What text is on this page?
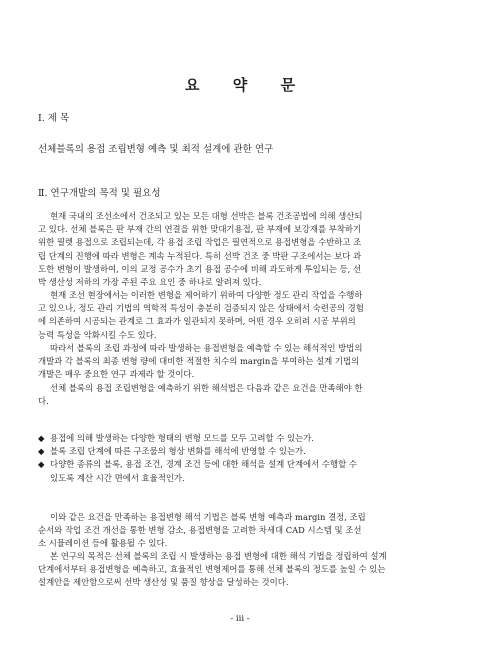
요 약 문
Ⅰ. 제 목
선체블록의 용접 조립변형 예측 및 최적 설계에 관한 연구
Ⅱ. 연구개발의 목적 및 필요성
현재 국내의 조선소에서 건조되고 있는 모든 대형 선박은 블록 건조공법에 의해 생산되
고 있다. 선체 블록은 판 부재 간의 연결을 위한 맞대기용접, 판 부재에 보강재를 부착하기
위한 필렛 용접으로 조립되는데, 각 용접 조립 작업은 필연적으로 용접변형을 수반하고 조
립 단계의 진행에 따라 변형은 계속 누적된다. 특히 선박 건조 중 박판 구조에서는 보다 과
도한 변형이 발생하여, 이의 교정 공수가 초기 용접 공수에 비해 과도하게 투입되는 등, 선
박 생산성 저하의 가장 주된 주요 요인 중 하나로 알려져 있다.
현재 조선 현장에서는 이러한 변형을 제어하기 위하여 다양한 정도 관리 작업을 수행하
고 있으나, 정도 관리 기법의 역학적 특성이 충분히 검증되지 않은 상태에서 숙련공의 경험
에 의존하여 시공되는 관계로 그 효과가 일관되지 못하며, 어떤 경우 오히려 시공 부위의
능력 특성을 악화시킬 수도 있다.
따라서 블록의 조립 과정에 따라 발생하는 용접변형을 예측할 수 있는 해석적인 방법의
개발과 각 블록의 최종 변형 량에 대비한 적절한 치수의 margin을 부여하는 설계 기법의
개발은 매우 중요한 연구 과제라 할 것이다.
선체 블록의 용접 조립변형을 예측하기 위한 해석법은 다음과 같은 요건을 만족해야 한
다.
◆ 용접에 의해 발생하는 다양한 형태의 변형 모드를 모두 고려할 수 있는가.
◆ 블록 조립 단계에 따른 구조물의 형상 변화를 해석에 반영할 수 있는가.
◆ 다양한 종류의 블록, 용접 조건, 경계 조건 등에 대한 해석을 설계 단계에서 수행할 수
있도록 계산 시간 면에서 효율적인가.
이와 같은 요건을 만족하는 용접변형 해석 기법은 블록 변형 예측과 margin 결정, 조립
순서와 작업 조건 개선을 통한 변형 감소, 용접변형을 고려한 차세대 CAD 시스템 및 조선
소 시뮬레이션 등에 활용될 수 있다.
본 연구의 목적은 선체 블록의 조립 시 발생하는 용접 변형에 대한 해석 기법을 정립하여 설계
단계에서부터 용접변형을 예측하고, 효율적인 변형제어를 통해 선체 블록의 정도를 높일 수 있는
설계안을 제안함으로써 선박 생산성 및 품질 향상을 달성하는 것이다.
- iii -
